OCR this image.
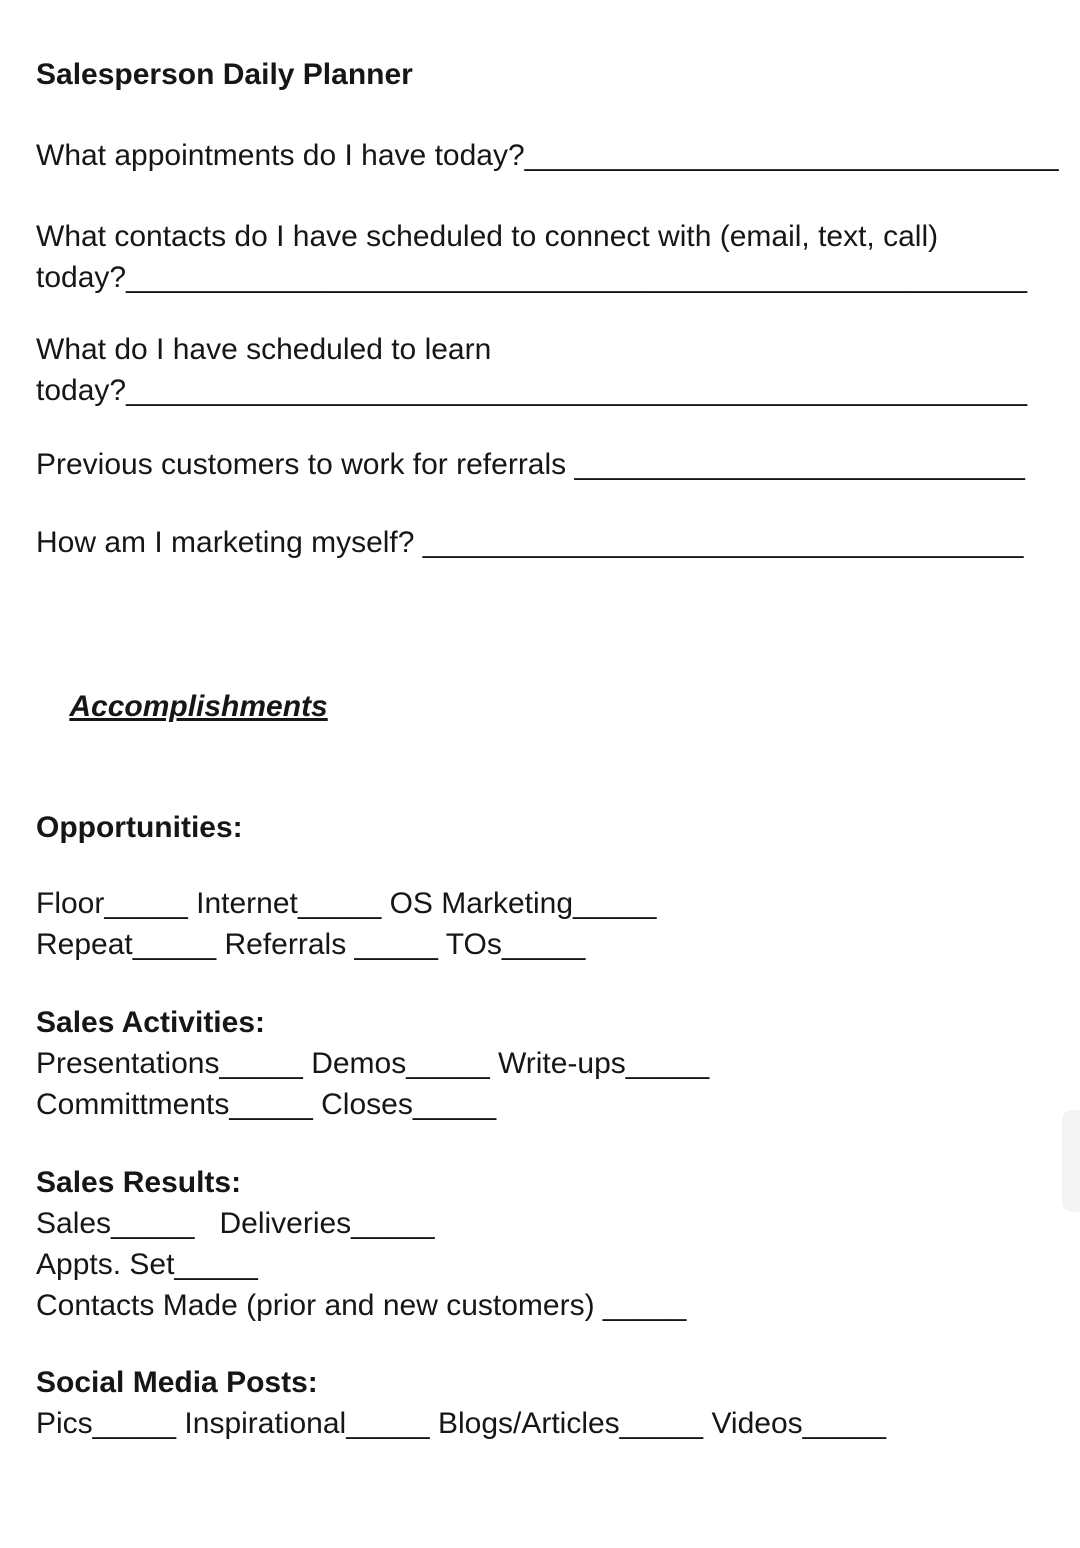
Salesperson Daily Planner

What appointments do I have today?________________________________

What contacts do I have scheduled to connect with (email, text, call)
today?______________________________________________________
What do I have scheduled to learn
today?______________________________________________________

Previous customers to work for referrals ___________________________

How am I marketing myself? ____________________________________

Accomplishments

Opportunities:

Floor_____ Internet_____ OS Marketing_____
Repeat_____ Referrals _____ TOs_____
Sales Activities:
Presentations_____ Demos_____ Write-ups_____
Committments_____ Closes_____
Sales Results:
Sales_____   Deliveries_____
Appts. Set_____
Contacts Made (prior and new customers) _____
Social Media Posts:
Pics_____ Inspirational_____ Blogs/Articles_____ Videos_____
